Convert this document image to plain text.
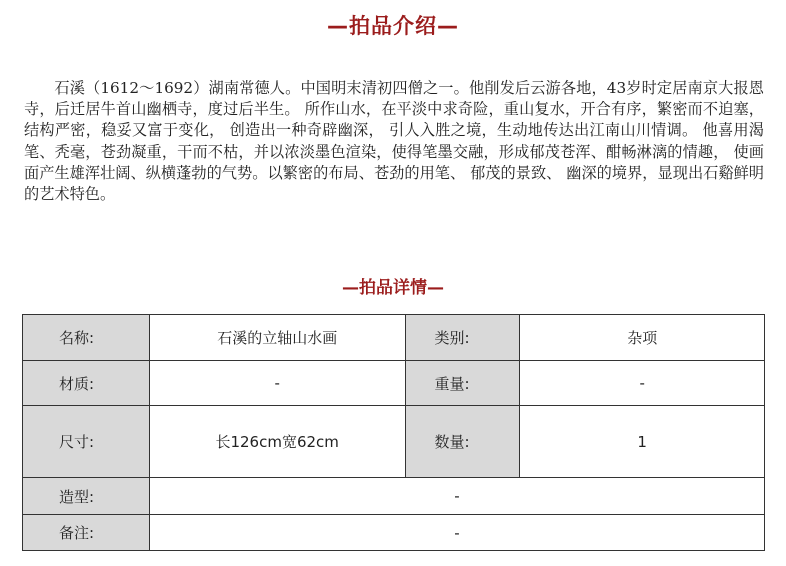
—拍品介绍—

石溪（1612～1692）湖南常德人。中国明末清初四僧之一。他削发后云游各地，43岁时定居南京大报恩寺，后迁居牛首山幽栖寺，度过后半生。 所作山水，在平淡中求奇险，重山复水，开合有序，繁密而不迫塞，结构严密，稳妥又富于变化， 创造出一种奇辟幽深， 引人入胜之境，生动地传达出江南山川情调。 他喜用渴笔、秃毫，苍劲凝重，干而不枯，并以浓淡墨色渲染，使得笔墨交融，形成郁茂苍浑、酣畅淋漓的情趣， 使画面产生雄浑壮阔、纵横蓬勃的气势。以繁密的布局、苍劲的用笔、 郁茂的景致、 幽深的境界，显现出石谿鲜明的艺术特色。

—拍品详情—
名称:	石溪的立轴山水画	类别:	杂项
材质:	-	重量:	-
尺寸:	长126cm宽62cm	数量:	1
造型:	-		
备注:	-		
